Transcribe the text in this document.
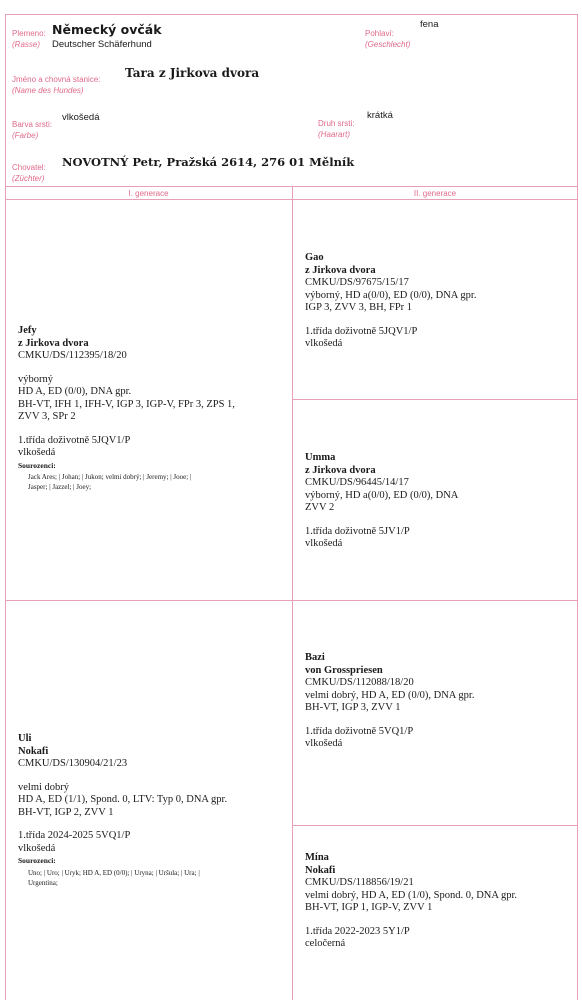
Plemeno:
(Rasse)
Německý ovčák
Deutscher Schäferhund
Pohlaví:
(Geschlecht)
fena
Jméno a chovná stanice:
(Name des Hundes)
Tara z Jirkova dvora
Barva srsti:
(Farbe)
vlkošedá
Druh srsti:
(Haarart)
krátká
Chovatel:
(Züchter)
NOVOTNÝ Petr, Pražská 2614, 276 01 Mělník
I. generace	II. generace
Jefy
z Jirkova dvora
CMKU/DS/112395/18/20
výborný
HD A, ED (0/0), DNA gpr.
BH-VT, IFH 1, IFH-V, IGP 3, IGP-V, FPr 3, ZPS 1,
ZVV 3, SPr 2
1.třída doživotně 5JQV1/P
vlkošedá
Sourozenci:
Jack Ares; | Johan; | Jukon; velmi dobrý; | Jeremy; | Jooe; |
Jasper; | Jazzel; | Joey;
Uli
Nokafi
CMKU/DS/130904/21/23
velmi dobrý
HD A, ED (1/1), Spond. 0, LTV: Typ 0, DNA gpr.
BH-VT, IGP 2, ZVV 1
1.třída 2024-2025 5VQ1/P
vlkošedá
Sourozenci:
Uno; | Uro; | Uryk; HD A, ED (0/0); | Uryna; | Uršula; | Ura; |
Urgentina;
Gao
z Jirkova dvora
CMKU/DS/97675/15/17
výborný, HD a(0/0), ED (0/0), DNA gpr.
IGP 3, ZVV 3, BH, FPr 1
1.třída doživotně 5JQV1/P
vlkošedá
Umma
z Jirkova dvora
CMKU/DS/96445/14/17
výborný, HD a(0/0), ED (0/0), DNA
ZVV 2
1.třída doživotně 5JV1/P
vlkošedá
Bazi
von Grosspriesen
CMKU/DS/112088/18/20
velmi dobrý, HD A, ED (0/0), DNA gpr.
BH-VT, IGP 3, ZVV 1
1.třída doživotně 5VQ1/P
vlkošedá
Mína
Nokafi
CMKU/DS/118856/19/21
velmi dobrý, HD A, ED (1/0), Spond. 0, DNA gpr.
BH-VT, IGP 1, IGP-V, ZVV 1
1.třída 2022-2023 5Y1/P
celočerná
